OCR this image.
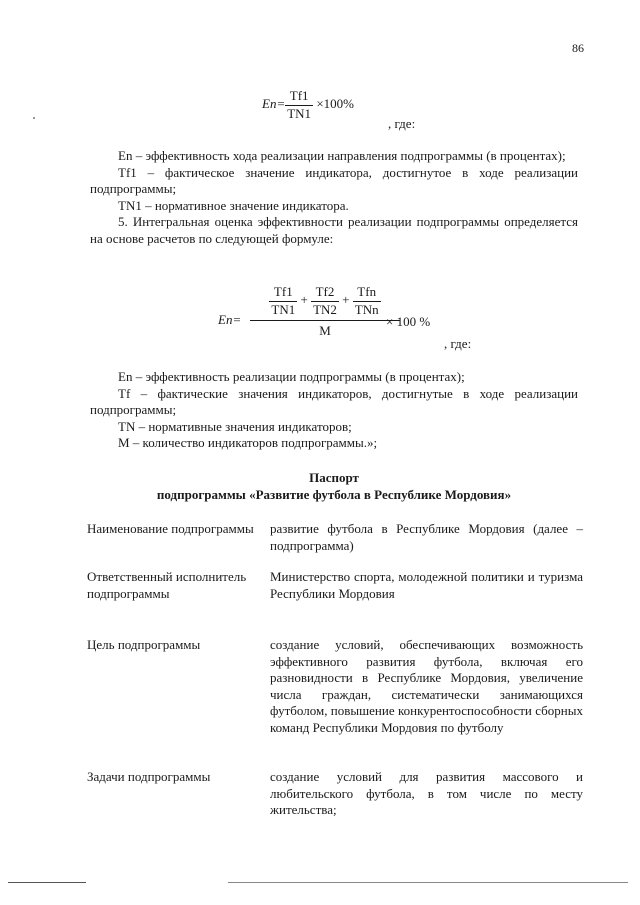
86
$En= \frac{Tf1}{TN1} \times 100\%$
, где:

En – эффективность хода реализации направления подпрограммы (в процентах);

Tf1 – фактическое значение индикатора, достигнутое в ходе реализации подпрограммы;

TN1 – нормативное значение индикатора.

5. Интегральная оценка эффективности реализации подпрограммы определяется на основе расчетов по следующей формуле:

En=
$\frac{Tf1}{TN1} + \frac{Tf2}{TN2} + \frac{\text{Tfn}}{\text{TNn}}$
M
× 100 %
, где:

En – эффективность реализации подпрограммы (в процентах);

Tf – фактические значения индикаторов, достигнутые в ходе реализации подпрограммы;

TN – нормативные значения индикаторов;

M – количество индикаторов подпрограммы.»;

Паспорт
подпрограммы «Развитие футбола в Республике Мордовия»
Наименование подпрограммы развитие футбола в Республике Мордовия (далее – подпрограмма)
Ответственный исполнитель подпрограммы
Министерство спорта, молодежной политики и туризма Республики Мордовия
Цель подпрограммы	создание условий, обеспечивающих возможность эффективного развития футбола, включая его разновидности в Республике Мордовия, увеличение числа граждан, систематически занимающихся футболом, повышение конкурентоспособности сборных команд Республики Мордовия по футболу
Задачи подпрограммы	создание условий для развития массового и любительского футбола, в том числе по месту жительства;
